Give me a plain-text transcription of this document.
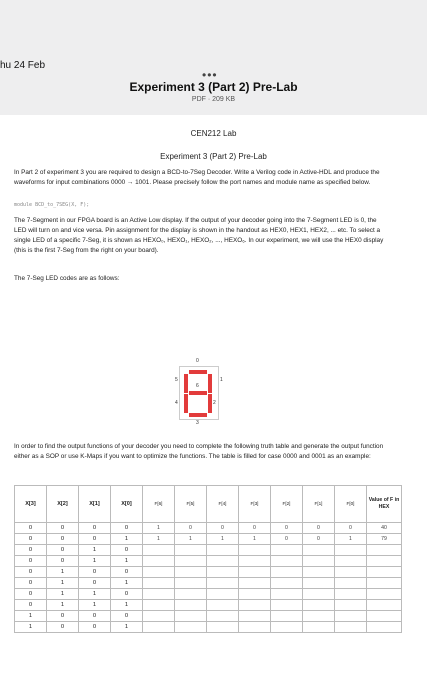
hu 24 Feb
•••
Experiment 3 (Part 2) Pre-Lab
PDF · 209 KB
CEN212 Lab
Experiment 3 (Part 2) Pre-Lab
In Part 2 of experiment 3 you are required to design a BCD-to-7Seg Decoder. Write a Verilog code in Active-HDL and produce the waveforms for input combinations 0000 → 1001. Please precisely follow the port names and module name as specified below.
module BCD_to_7SEG(X, F);
The 7-Segment in our FPGA board is an Active Low display. If the output of your decoder going into the 7-Segment LED is 0, the LED will turn on and vice versa. Pin assignment for the display is shown in the handout as HEX0, HEX1, HEX2, ... etc. To select a single LED of a specific 7-Seg, it is shown as HEXO₀, HEXO₁, HEXO₂, ..., HEXO₆. In our experiment, we will use the HEX0 display (this is the first 7-Seg from the right on your board).
The 7-Seg LED codes are as follows:
0
1
2
3
4
5
6
In order to find the output functions of your decoder you need to complete the following truth table and generate the output function either as a SOP or use K-Maps if you want to optimize the functions. The table is filled for case 0000 and 0001 as an example:
X[3]	X[2]	X[1]	X[0]	F[6]	F[5]	F[4]	F[3]	F[2]	F[1]	F[0]	Value of F in HEX
0	0	0	0	1	0	0	0	0	0	0	40
0	0	0	1	1	1	1	1	0	0	1	79
0	0	1	0								
0	0	1	1								
0	1	0	0								
0	1	0	1								
0	1	1	0								
0	1	1	1								
1	0	0	0								
1	0	0	1								
